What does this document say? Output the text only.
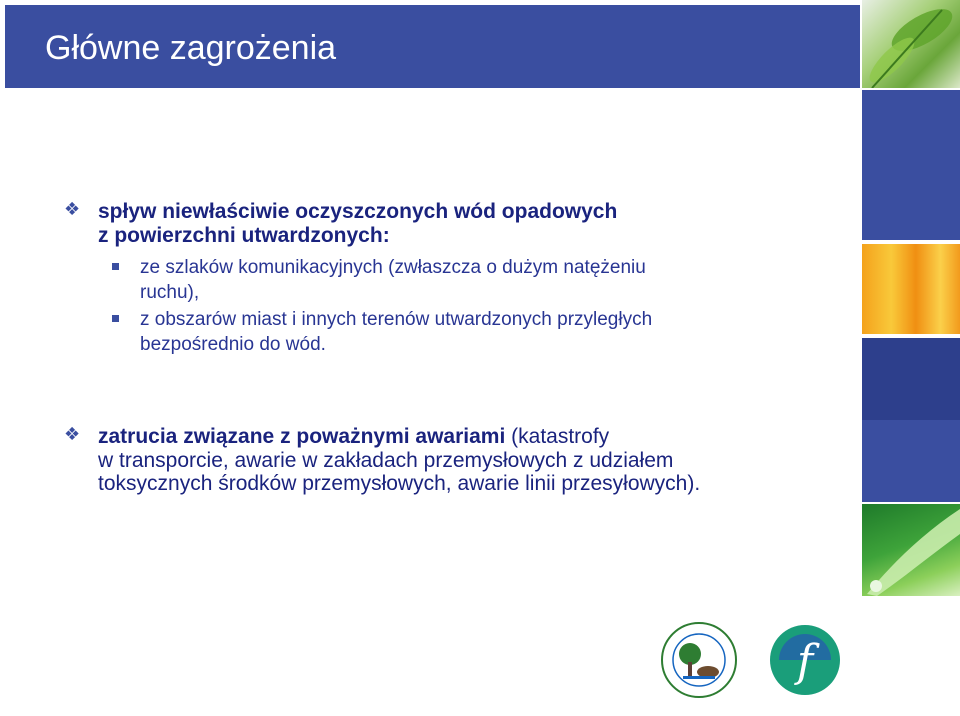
Główne zagrożenia
❖ spływ niewłaściwie oczyszczonych wód opadowych
z powierzchni utwardzonych:
ze szlaków komunikacyjnych (zwłaszcza o dużym natężeniu
ruchu),
z obszarów miast i innych terenów utwardzonych przyległych
bezpośrednio do wód.
❖ zatrucia związane z poważnymi awariami (katastrofy
w transporcie, awarie w zakładach przemysłowych z udziałem
toksycznych środków przemysłowych, awarie linii przesyłowych).
f
